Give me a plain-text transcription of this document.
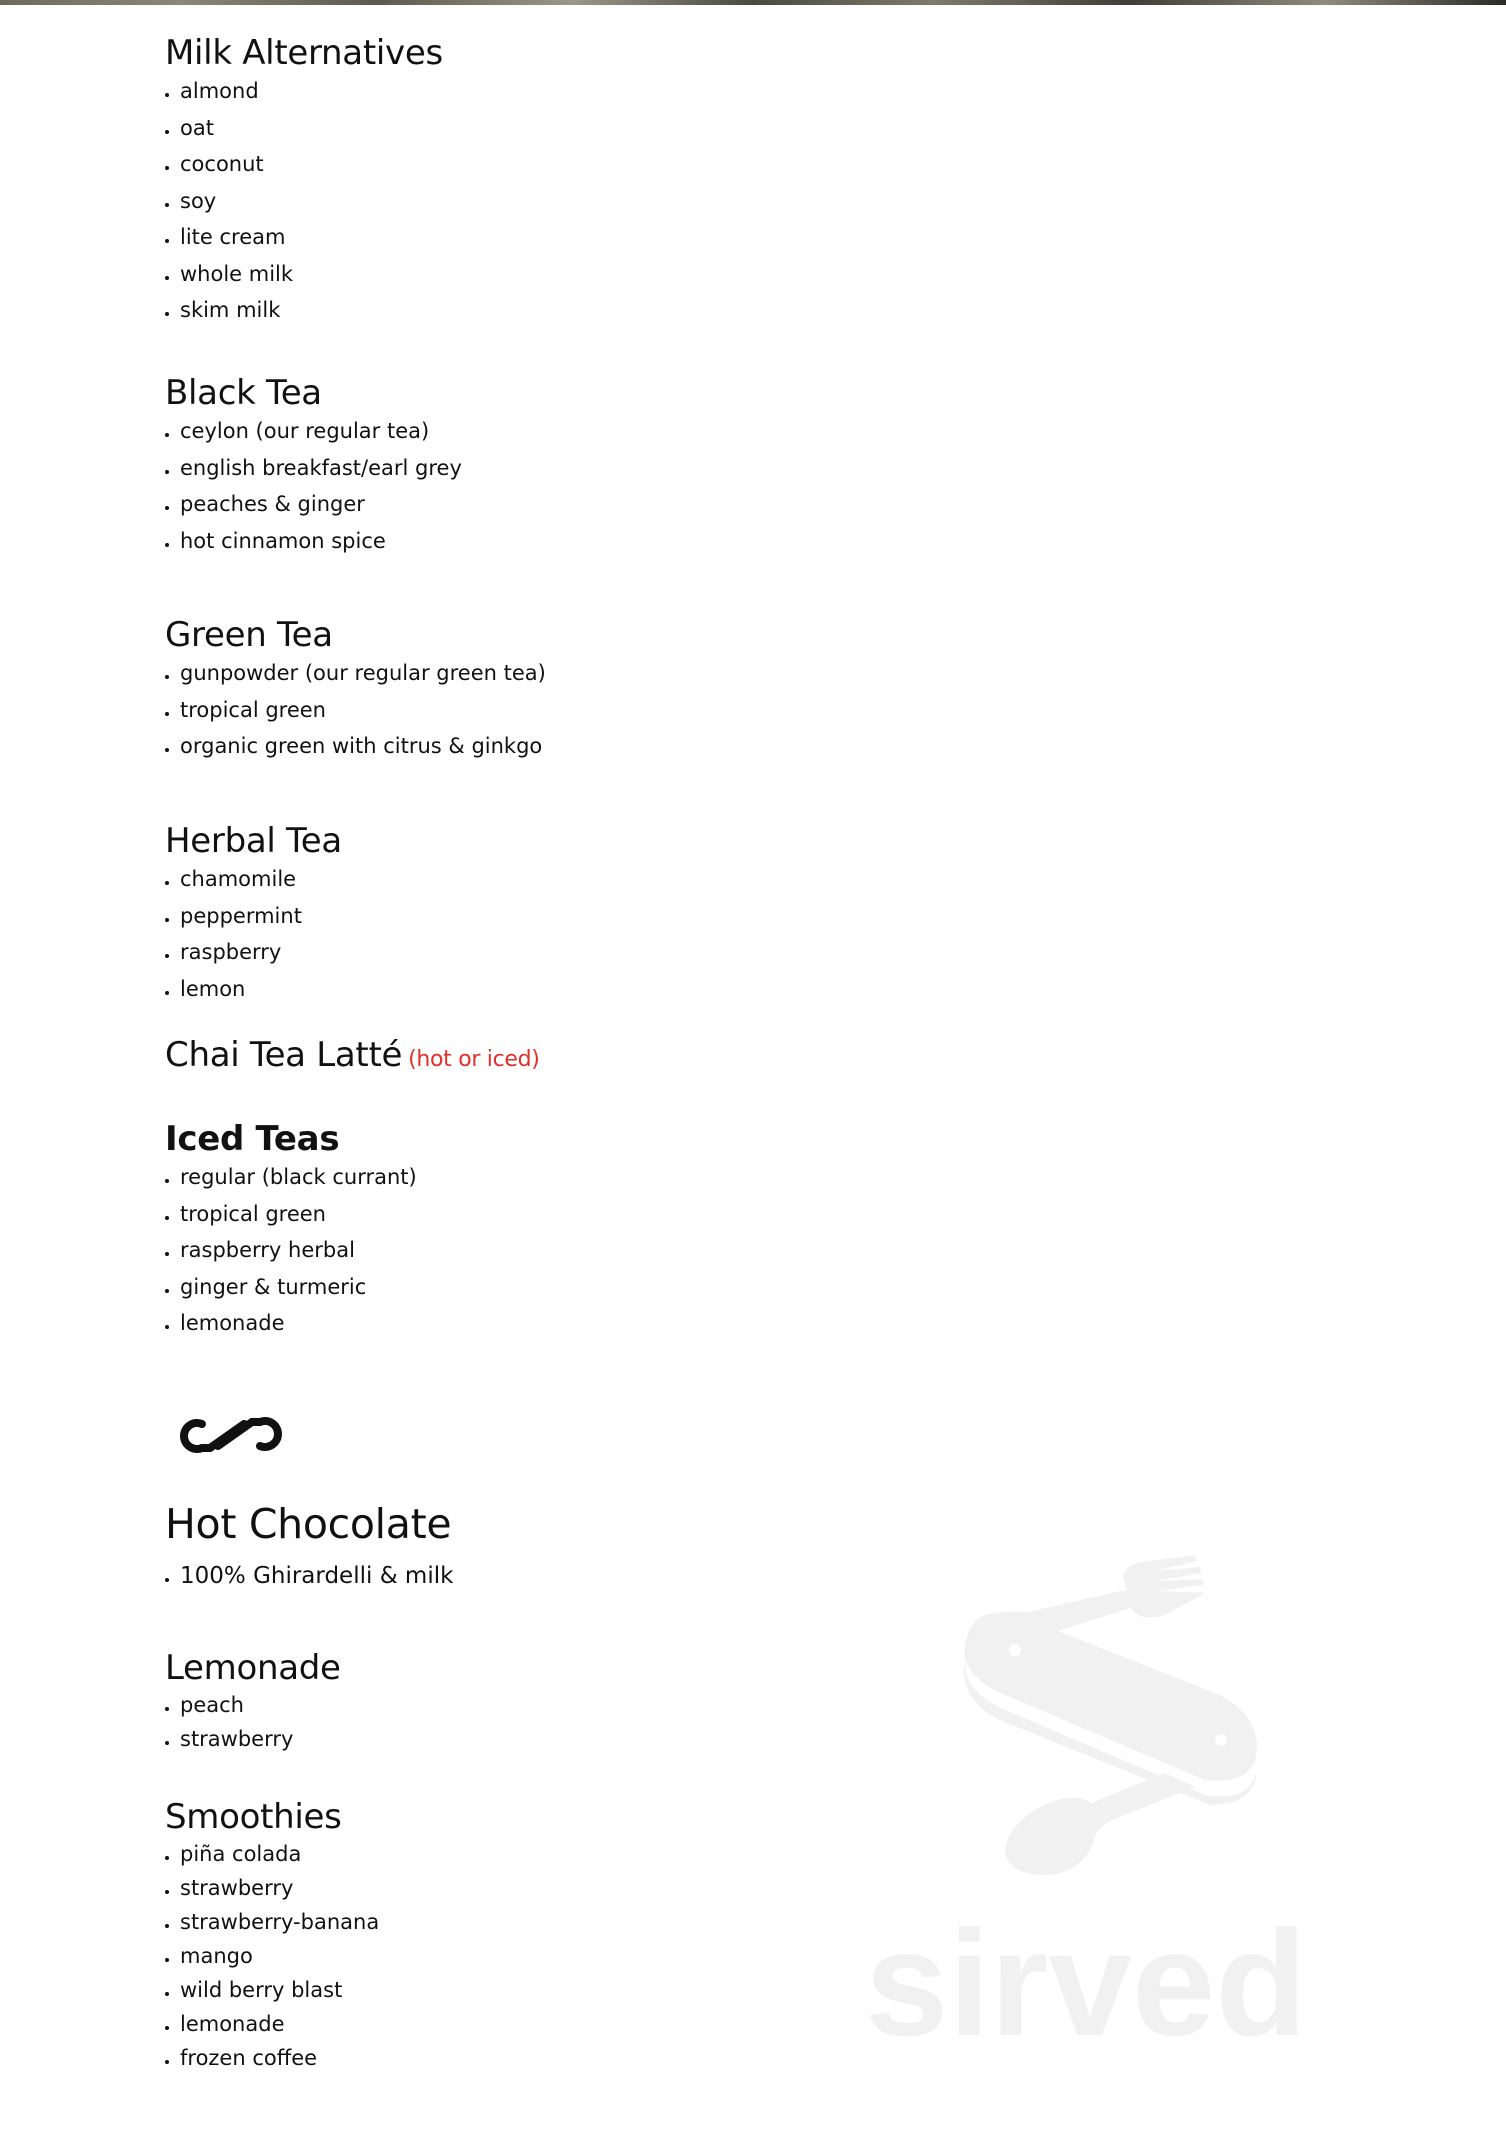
Milk Alternatives
almond
oat
coconut
soy
lite cream
whole milk
skim milk
Black Tea
ceylon (our regular tea)
english breakfast/earl grey
peaches & ginger
hot cinnamon spice
Green Tea
gunpowder (our regular green tea)
tropical green
organic green with citrus & ginkgo
Herbal Tea
chamomile
peppermint
raspberry
lemon
Chai Tea Latté (hot or iced)
Iced Teas
regular (black currant)
tropical green
raspberry herbal
ginger & turmeric
lemonade
Hot Chocolate
100% Ghirardelli & milk
Lemonade
peach
strawberry
Smoothies
piña colada
strawberry
strawberry-banana
mango
wild berry blast
lemonade
frozen coffee	sirved
